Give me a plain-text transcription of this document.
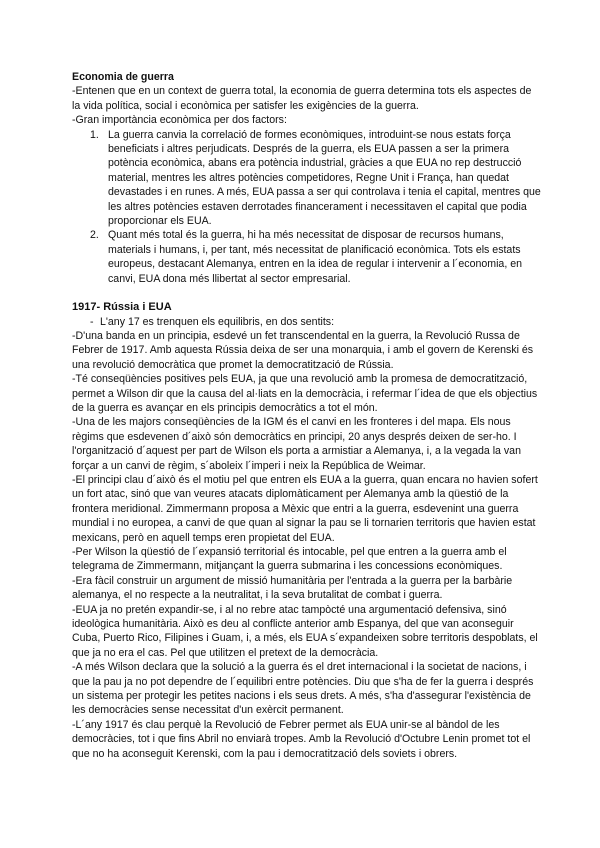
Economia de guerra

-Entenen que en un context de guerra total, la economia de guerra determina tots els aspectes de la vida política, social i econòmica per satisfer les exigències de la guerra.

-Gran importància econòmica per dos factors:

1. La guerra canvia la correlació de formes econòmiques, introduint-se nous estats força beneficiats i altres perjudicats. Després de la guerra, els EUA passen a ser la primera potència econòmica, abans era potència industrial, gràcies a que EUA no rep destrucció material, mentres les altres potències competidores, Regne Unit i França, han quedat devastades i en runes. A més, EUA passa a ser qui controlava i tenia el capital, mentres que les altres potències estaven derrotades financerament i necessitaven el capital que podia proporcionar els EUA.
2. Quant més total és la guerra, hi ha més necessitat de disposar de recursos humans, materials i humans, i, per tant, més necessitat de planificació econòmica. Tots els estats europeus, destacant Alemanya, entren en la idea de regular i intervenir a l´economia, en canvi, EUA dona més llibertat al sector empresarial.
1917- Rússia i EUA
- L'any 17 es trenquen els equilibris, en dos sentits:

-D'una banda en un principia, esdevé un fet transcendental en la guerra, la Revolució Russa de Febrer de 1917. Amb aquesta Rússia deixa de ser una monarquia, i amb el govern de Kerenski és una revolució democràtica que promet la democratització de Rússia.

-Té conseqüències positives pels EUA, ja que una revolució amb la promesa de democratització, permet a Wilson dir que la causa del al·liats en la democràcia, i refermar l´idea de que els objectius de la guerra es avançar en els principis democràtics a tot el món.

-Una de les majors conseqüències de la IGM és el canvi en les fronteres i del mapa. Els nous règims que esdevenen d´això són democràtics en principi, 20 anys després deixen de ser-ho. I l'organització d´aquest per part de Wilson els porta a armistiar a Alemanya, i, a la vegada la van forçar a un canvi de règim, s´aboleix l´imperi i neix la República de Weimar.

-El principi clau d´això és el motiu pel que entren els EUA a la guerra, quan encara no havien sofert un fort atac, sinó que van veures atacats diplomàticament per Alemanya amb la qüestió de la frontera meridional. Zimmermann proposa a Mèxic que entri a la guerra, esdevenint una guerra mundial i no europea, a canvi de que quan al signar la pau se li tornarien territoris que havien estat mexicans, però en aquell temps eren propietat del EUA.

-Per Wilson la qüestió de l´expansió territorial és intocable, pel que entren a la guerra amb el telegrama de Zimmermann, mitjançant la guerra submarina i les concessions econòmiques.

-Era fàcil construir un argument de missió humanitària per l'entrada a la guerra per la barbàrie alemanya, el no respecte a la neutralitat, i la seva brutalitat de combat i guerra.

-EUA ja no pretén expandir-se, i al no rebre atac tampòcté una argumentació defensiva, sinó ideològica humanitària. Això es deu al conflicte anterior amb Espanya, del que van aconseguir Cuba, Puerto Rico, Filipines i Guam, i, a més, els EUA s´expandeixen sobre territoris despoblats, el que ja no era el cas. Pel que utilitzen el pretext de la democràcia.

-A més Wilson declara que la solució a la guerra és el dret internacional i la societat de nacions, i que la pau ja no pot dependre de l´equilibri entre potències. Diu que s'ha de fer la guerra i després un sistema per protegir les petites nacions i els seus drets. A més, s'ha d'assegurar l'existència de les democràcies sense necessitat d'un exèrcit permanent.

-L´any 1917 és clau perquè la Revolució de Febrer permet als EUA unir-se al bàndol de les democràcies, tot i que fins Abril no enviarà tropes. Amb la Revolució d'Octubre Lenin promet tot el que no ha aconseguit Kerenski, com la pau i democratització dels soviets i obrers.
